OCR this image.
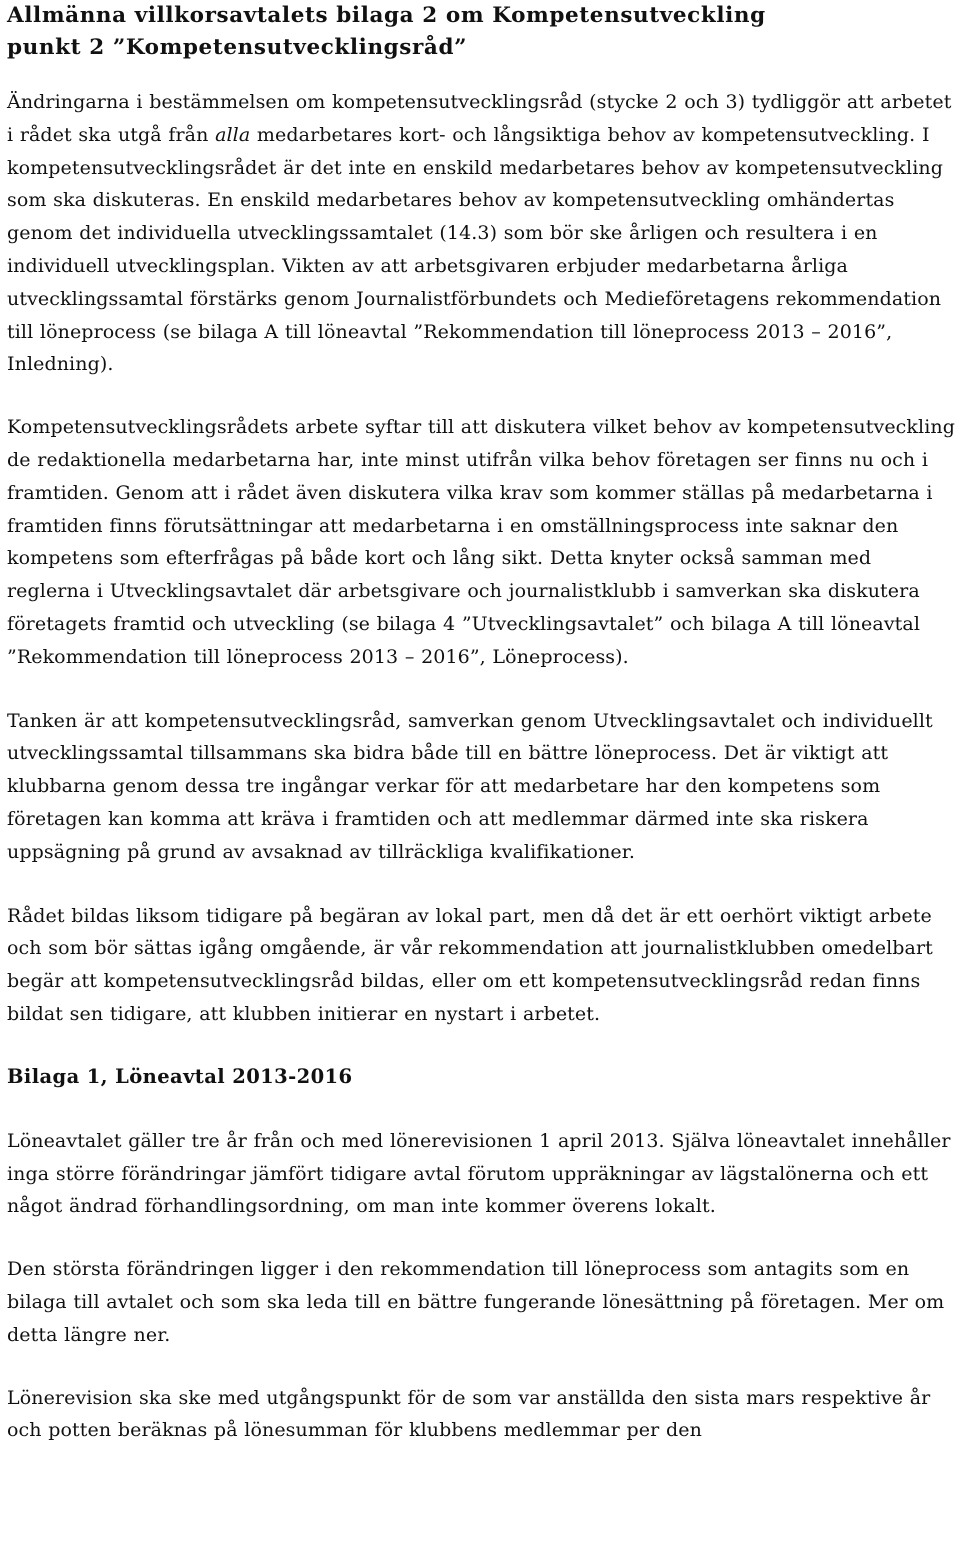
Allmänna villkorsavtalets bilaga 2 om Kompetensutveckling
punkt 2 ”Kompetensutvecklingsråd”

Ändringarna i bestämmelsen om kompetensutvecklingsråd (stycke 2 och 3) tydliggör att arbetet i rådet ska utgå från alla medarbetares kort- och långsiktiga behov av kompetensutveckling. I kompetensutvecklingsrådet är det inte en enskild medarbetares behov av kompetensutveckling som ska diskuteras. En enskild medarbetares behov av kompetensutveckling omhändertas genom det individuella utvecklingssamtalet (14.3) som bör ske årligen och resultera i en individuell utvecklingsplan. Vikten av att arbetsgivaren erbjuder medarbetarna årliga utvecklingssamtal förstärks genom Journalistförbundets och Medieföretagens rekommendation till löneprocess (se bilaga A till löneavtal ”Rekommendation till löneprocess 2013 – 2016”, Inledning).

Kompetensutvecklingsrådets arbete syftar till att diskutera vilket behov av kompetensutveckling de redaktionella medarbetarna har, inte minst utifrån vilka behov företagen ser finns nu och i framtiden. Genom att i rådet även diskutera vilka krav som kommer ställas på medarbetarna i framtiden finns förutsättningar att medarbetarna i en omställningsprocess inte saknar den kompetens som efterfrågas på både kort och lång sikt. Detta knyter också samman med reglerna i Utvecklingsavtalet där arbetsgivare och journalistklubb i samverkan ska diskutera företagets framtid och utveckling (se bilaga 4 ”Utvecklingsavtalet” och bilaga A till löneavtal ”Rekommendation till löneprocess 2013 – 2016”, Löneprocess).

Tanken är att kompetensutvecklingsråd, samverkan genom Utvecklingsavtalet och individuellt utvecklingssamtal tillsammans ska bidra både till en bättre löneprocess. Det är viktigt att klubbarna genom dessa tre ingångar verkar för att medarbetare har den kompetens som företagen kan komma att kräva i framtiden och att medlemmar därmed inte ska riskera uppsägning på grund av avsaknad av tillräckliga kvalifikationer.

Rådet bildas liksom tidigare på begäran av lokal part, men då det är ett oerhört viktigt arbete och som bör sättas igång omgående, är vår rekommendation att journalistklubben omedelbart begär att kompetensutvecklingsråd bildas, eller om ett kompetensutvecklingsråd redan finns bildat sen tidigare, att klubben initierar en nystart i arbetet.

Bilaga 1, Löneavtal 2013-2016

Löneavtalet gäller tre år från och med lönerevisionen 1 april 2013. Själva löneavtalet innehåller inga större förändringar jämfört tidigare avtal förutom uppräkningar av lägstalönerna och ett något ändrad förhandlingsordning, om man inte kommer överens lokalt.

Den största förändringen ligger i den rekommendation till löneprocess som antagits som en bilaga till avtalet och som ska leda till en bättre fungerande lönesättning på företagen. Mer om detta längre ner.

Lönerevision ska ske med utgångspunkt för de som var anställda den sista mars respektive år och potten beräknas på lönesumman för klubbens medlemmar per den
